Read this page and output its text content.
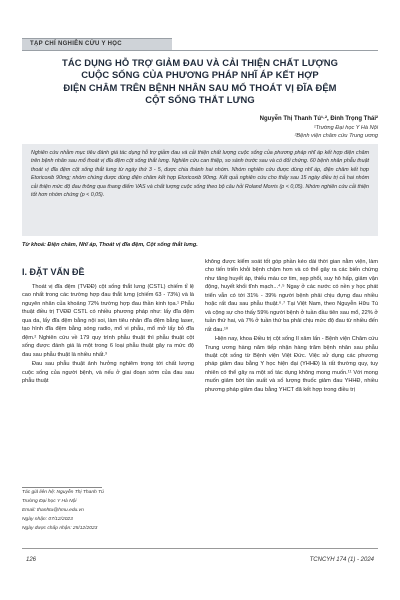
TẠP CHÍ NGHIÊN CỨU Y HỌC
TÁC DỤNG HỖ TRỢ GIẢM ĐAU VÀ CẢI THIỆN CHẤT LƯỢNG
CUỘC SỐNG CỦA PHƯƠNG PHÁP NHĨ ÁP KẾT HỢP
ĐIỆN CHÂM TRÊN BỆNH NHÂN SAU MỔ THOÁT VỊ ĐĨA ĐỆM
CỘT SỐNG THẮT LƯNG
Nguyễn Thị Thanh Tú¹·², Đinh Trọng Thái²
¹Trường Đại học Y Hà Nội
²Bệnh viện châm cứu Trung ương
Nghiên cứu nhằm mục tiêu đánh giá tác dụng hỗ trợ giảm đau và cải thiện chất lượng cuộc sống của phương pháp nhĩ áp kết hợp điện châm trên bệnh nhân sau mổ thoát vị đĩa đệm cột sống thắt lưng. Nghiên cứu can thiệp, so sánh trước sau và có đối chứng. 60 bệnh nhân phẫu thuật thoát vị đĩa đệm cột sống thắt lưng từ ngày thứ 3 - 5, được chia thành hai nhóm. Nhóm nghiên cứu được dùng nhĩ áp, điện châm kết hợp Etoricoxib 90mg; nhóm chứng được dùng điện châm kết hợp Etoricoxib 90mg. Kết quả nghiên cứu cho thấy sau 15 ngày điều trị cả hai nhóm cải thiện mức độ đau thông qua thang điểm VAS và chất lượng cuộc sống theo bộ câu hỏi Roland Morris (p < 0,05). Nhóm nghiên cứu cải thiện tốt hơn nhóm chứng (p < 0,05).
Từ khoá: Điện châm, Nhĩ áp, Thoát vị đĩa đệm, Cột sống thắt lưng.
I. ĐẶT VẤN ĐỀ

Thoát vị đĩa đệm (TVĐĐ) cột sống thắt lưng (CSTL) chiếm tỉ lệ cao nhất trong các trường hợp đau thắt lưng (chiếm 63 - 73%) và là nguyên nhân của khoảng 72% trường hợp đau thần kinh tọa.¹ Phẫu thuật điều trị TVĐĐ CSTL có nhiều phương pháp như: lấy đĩa đệm qua da, lấy đĩa đệm bằng nội soi, làm tiêu nhân đĩa đệm bằng laser, tạo hình đĩa đệm bằng sóng radio, mổ vi phẫu, mổ mở lấy bỏ đĩa đệm.² Nghiên cứu về 179 quy trình phẫu thuật thì phẫu thuật cột sống được đánh giá là một trong 6 loại phẫu thuật gây ra mức độ đau sau phẫu thuật là nhiều nhất.³

Đau sau phẫu thuật ảnh hưởng nghiêm trọng tới chất lượng cuộc sống của người bệnh, và nếu ở giai đoạn sớm của đau sau phẫu thuật

không được kiểm soát tốt góp phần kéo dài thời gian nằm viện, làm cho tiến triển khỏi bệnh chậm hơn và có thể gây ra các biến chứng như tăng huyết áp, thiếu máu cơ tim, xẹp phổi, suy hô hấp, giảm vận động, huyết khối tĩnh mạch...⁴˒⁵ Ngay ở các nước có nền y học phát triển vẫn có tới 31% - 39% người bệnh phải chịu đựng đau nhiều hoặc rất đau sau phẫu thuật.⁶˒⁷ Tại Việt Nam, theo Nguyễn Hữu Tú và cộng sự cho thấy 59% người bệnh ở tuần đầu tiên sau mổ, 22% ở tuần thứ hai, và 7% ở tuần thứ ba phải chịu mức độ đau từ nhiều đến rất đau.¹⁰

Hiện nay, khoa Điều trị cột sống II xâm lấn - Bệnh viện Châm cứu Trung ương hàng năm tiếp nhận hàng trăm bệnh nhân sau phẫu thuật cột sống từ Bệnh viện Việt Đức. Việc sử dụng các phương pháp giảm đau bằng Y học hiện đại (YHHĐ) là rất thường quy, tuy nhiên có thể gây ra một số tác dụng không mong muốn.¹¹ Với mong muốn giảm bớt tần suất và số lượng thuốc giảm đau YHHĐ, nhiều phương pháp giảm đau bằng YHCT đã kết hợp trong điều trị

Tác giả liên hệ: Nguyễn Thị Thanh Tú
Trường Đại học Y Hà Nội
Email: thanhtu@hmu.edu.vn
Ngày nhận: 07/12/2023
Ngày được chấp nhận: 25/12/2023
126	TCNCYH 174 (1) - 2024
